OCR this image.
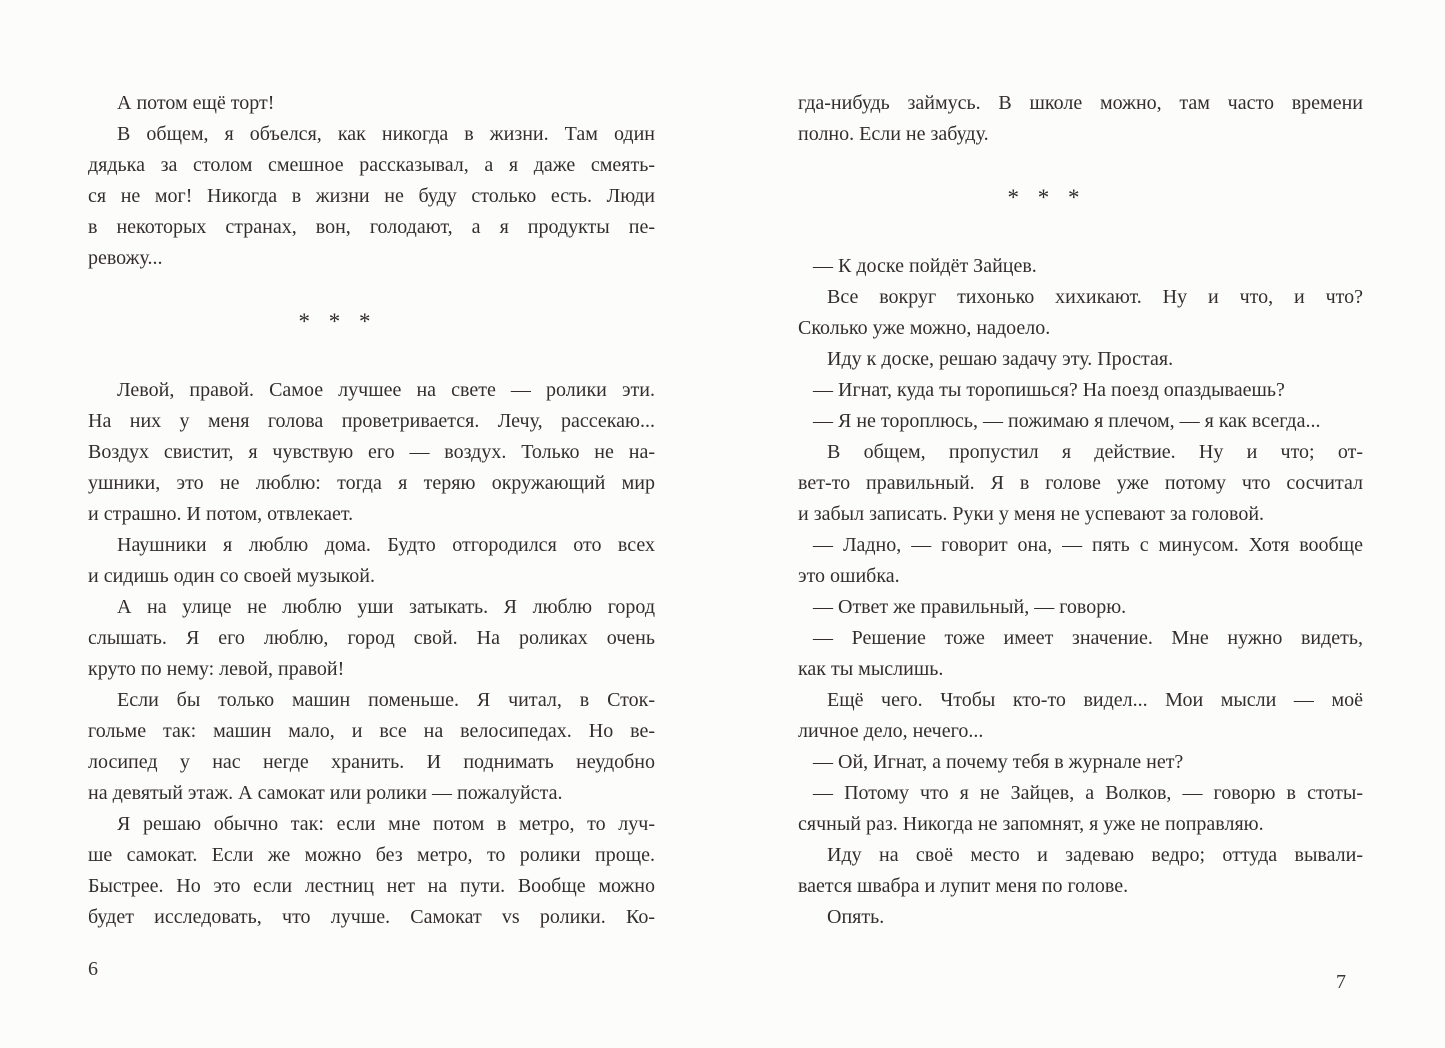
А потом ещё торт!
В общем, я объелся, как никогда в жизни. Там один
дядька за столом смешное рассказывал, а я даже смеять-
ся не мог! Никогда в жизни не буду столько есть. Люди
в некоторых странах, вон, голодают, а я продукты пе-
ревожу...
* * *
Левой, правой. Самое лучшее на свете — ролики эти.
На них у меня голова проветривается. Лечу, рассекаю...
Воздух свистит, я чувствую его — воздух. Только не на-
ушники, это не люблю: тогда я теряю окружающий мир
и страшно. И потом, отвлекает.
Наушники я люблю дома. Будто отгородился ото всех
и сидишь один со своей музыкой.
А на улице не люблю уши затыкать. Я люблю город
слышать. Я его люблю, город свой. На роликах очень
круто по нему: левой, правой!
Если бы только машин поменьше. Я читал, в Сток-
гольме так: машин мало, и все на велосипедах. Но ве-
лосипед у нас негде хранить. И поднимать неудобно
на девятый этаж. А самокат или ролики — пожалуйста.
Я решаю обычно так: если мне потом в метро, то луч-
ше самокат. Если же можно без метро, то ролики проще.
Быстрее. Но это если лестниц нет на пути. Вообще можно
будет исследовать, что лучше. Самокат vs ролики. Ко-
гда-нибудь займусь. В школе можно, там часто времени
полно. Если не забуду.
* * *
— К доске пойдёт Зайцев.
Все вокруг тихонько хихикают. Ну и что, и что?
Сколько уже можно, надоело.
Иду к доске, решаю задачу эту. Простая.
— Игнат, куда ты торопишься? На поезд опаздываешь?
— Я не тороплюсь, — пожимаю я плечом, — я как всегда...
В общем, пропустил я действие. Ну и что; от-
вет-то правильный. Я в голове уже потому что сосчитал
и забыл записать. Руки у меня не успевают за головой.
— Ладно, — говорит она, — пять с минусом. Хотя вообще
это ошибка.
— Ответ же правильный, — говорю.
— Решение тоже имеет значение. Мне нужно видеть,
как ты мыслишь.
Ещё чего. Чтобы кто-то видел... Мои мысли — моё
личное дело, нечего...
— Ой, Игнат, а почему тебя в журнале нет?
— Потому что я не Зайцев, а Волков, — говорю в стоты-
сячный раз. Никогда не запомнят, я уже не поправляю.
Иду на своё место и задеваю ведро; оттуда вывали-
вается швабра и лупит меня по голове.
Опять.
6
7
